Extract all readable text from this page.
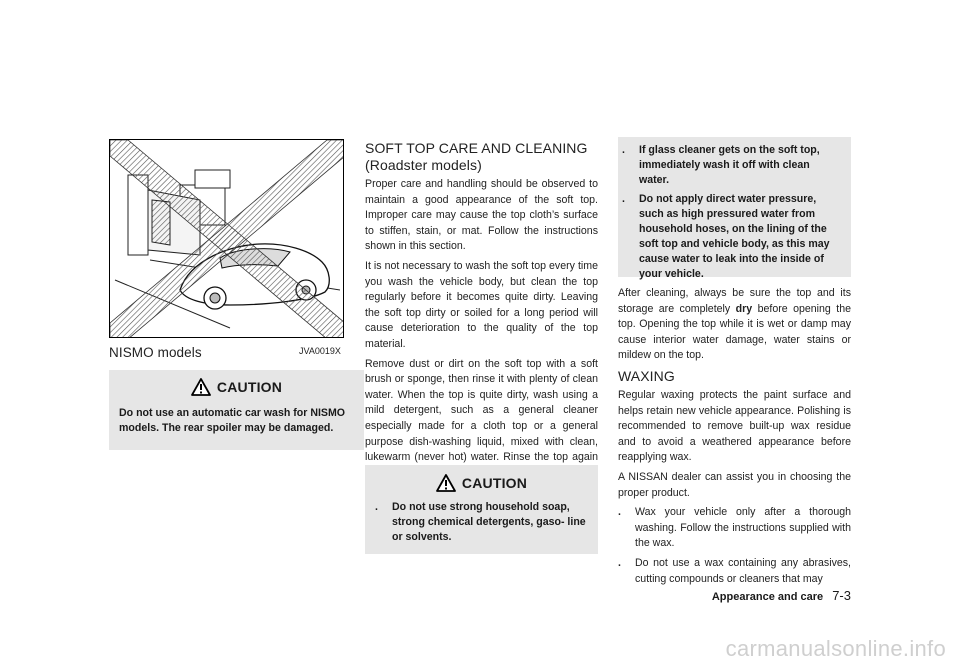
JVA0019X
NISMO models
CAUTION

Do not use an automatic car wash for NISMO models. The rear spoiler may be damaged.

SOFT TOP CARE AND CLEANING
(Roadster models)

Proper care and handling should be observed to maintain a good appearance of the soft top. Improper care may cause the top cloth’s surface to stiffen, stain, or mat. Follow the instructions shown in this section.

It is not necessary to wash the soft top every time you wash the vehicle body, but clean the top regularly before it becomes quite dirty. Leaving the soft top dirty or soiled for a long period will cause deterioration to the quality of the top material.

Remove dust or dirt on the soft top with a soft brush or sponge, then rinse it with plenty of clean water. When the top is quite dirty, wash using a mild detergent, such as a general cleaner especially made for a cloth top or a general purpose dish-washing liquid, mixed with clean, lukewarm (never hot) water. Rinse the top again

CAUTION
.	Do not use strong household soap, strong chemical detergents, gaso- line or solvents.
.	If glass cleaner gets on the soft top, immediately wash it off with clean water.
.	Do not apply direct water pressure, such as high pressured water from household hoses, on the lining of the soft top and vehicle body, as this may cause water to leak into the inside of your vehicle.

After cleaning, always be sure the top and its storage are completely dry before opening the top. Opening the top while it is wet or damp may cause interior water damage, water stains or mildew on the top.

WAXING

Regular waxing protects the paint surface and helps retain new vehicle appearance. Polishing is recommended to remove built-up wax residue and to avoid a weathered appearance before reapplying wax.

A NISSAN dealer can assist you in choosing the proper product.

.	Wax your vehicle only after a thorough washing. Follow the instructions supplied with the wax.
.	Do not use a wax containing any abrasives, cutting compounds or cleaners that may
Appearance and care 7-3
carmanualsonline.info
